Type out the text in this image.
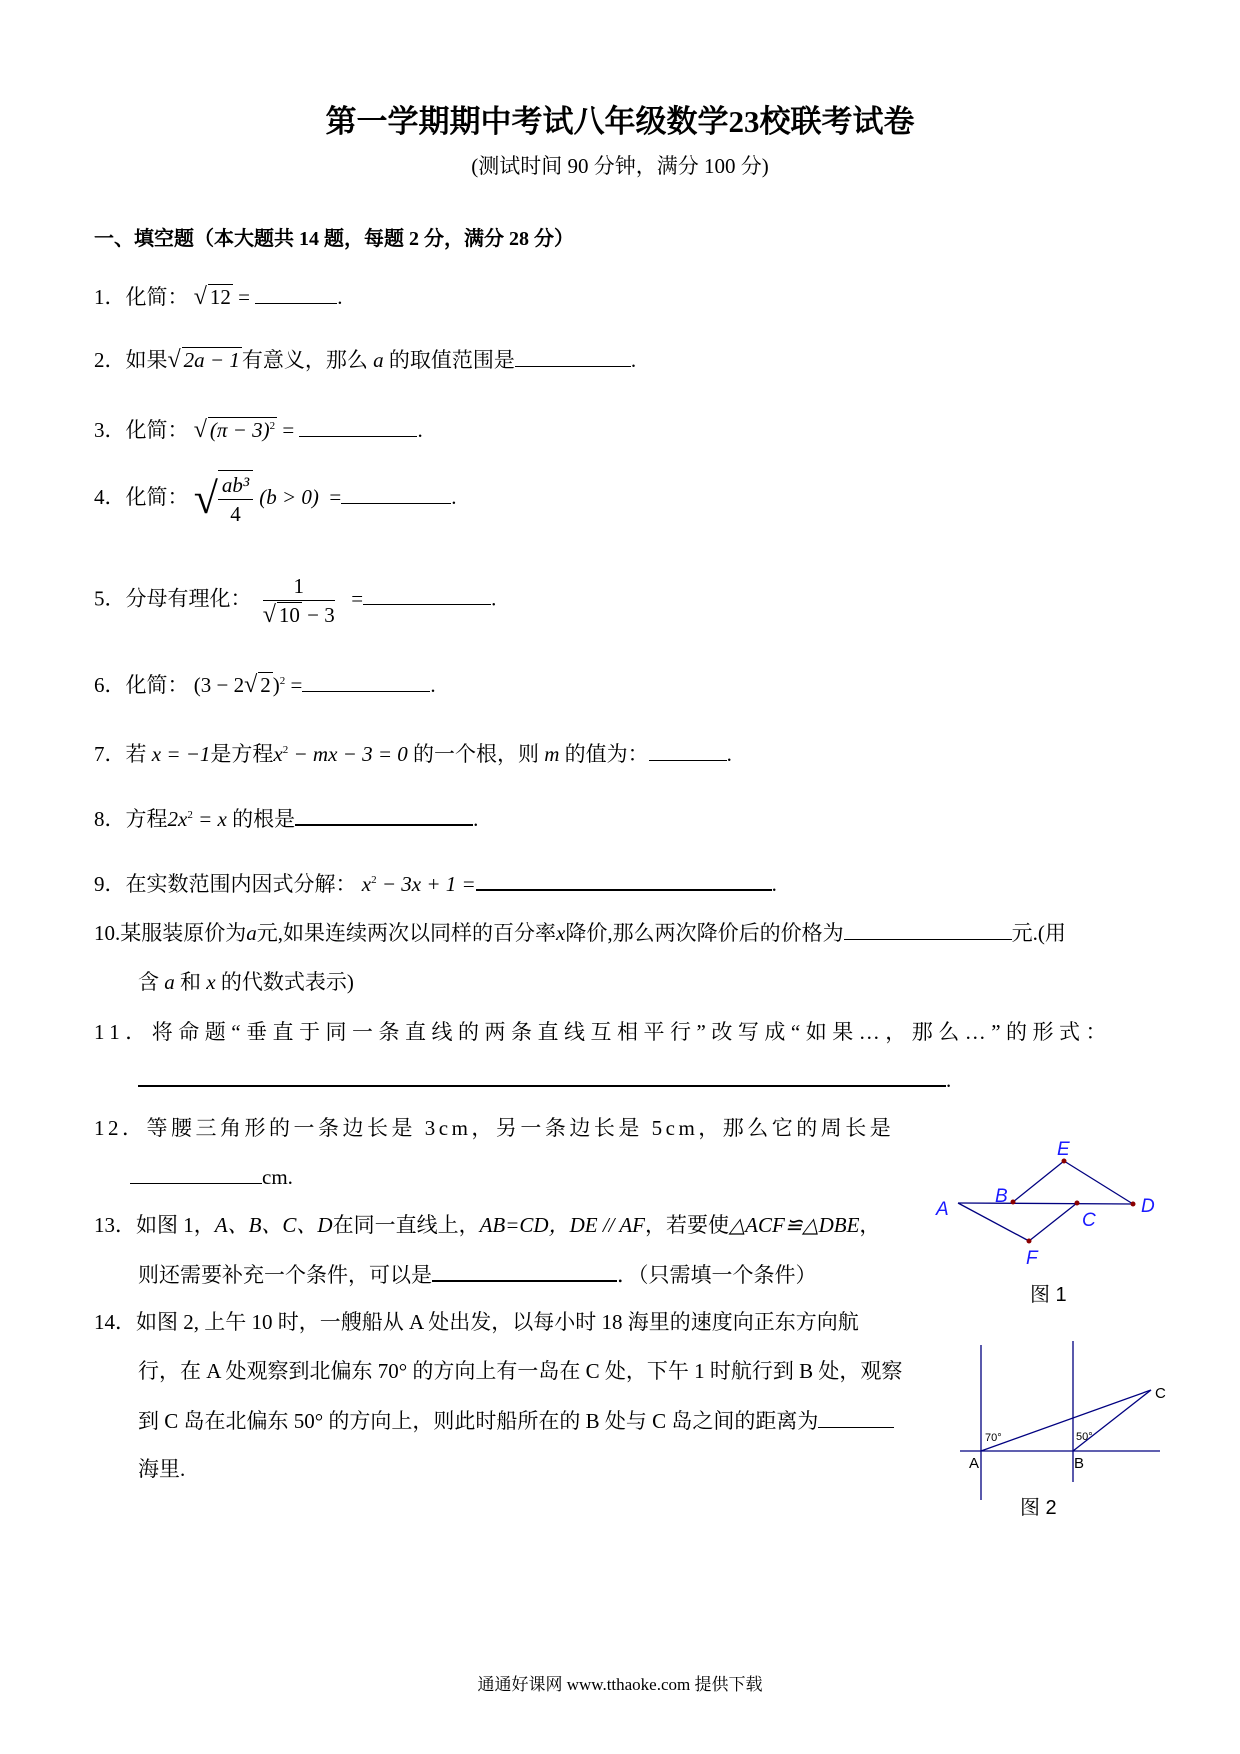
第一学期期中考试八年级数学23校联考试卷
(测试时间 90 分钟，满分 100 分)
一、填空题（本大题共 14 题，每题 2 分，满分 28 分）
1．化简： √ 12 =	.
2．如果√ 2a − 1有意义，那么 a 的取值范围是	.
3．化简： √ $(\pi - 3)^2$ =	.
4．化简： √ $\frac{\text{ab³}}{4} (b > 0)$ =	.
5．分母有理化： $\frac{1}{√ 10 - 3}$ =	.
6．化简： (3 − 2√ 2)$^2$ =	.
7．若 x = −1是方程$x^2$ − mx − 3 = 0 的一个根，则 m 的值为：	.
8．方程$2x^2 = x$ 的根是	.
9．在实数范围内因式分解： $x^2 - 3x + 1$ =	.
10.某服装原价为a元,如果连续两次以同样的百分率x降价,那么两次降价后的价格为	元.(用
含 a 和 x 的代数式表示)
11．将命题“垂直于同一条直线的两条直线互相平行”改写成“如果…，那么…”的形式：
.
12．等腰三角形的一条边长是 3cm，另一条边长是 5cm，那么它的周长是
cm.
13．如图 1，A、B、C、D在同一直线上，AB=CD，DE // AF，若要使△ACF≌△DBE，
则还需要补充一个条件，可以是	．（只需填一个条件）
14．如图 2, 上午 10 时，一艘船从 A 处出发，以每小时 18 海里的速度向正东方向航
行，在 A 处观察到北偏东 70° 的方向上有一岛在 C 处，下午 1 时航行到 B 处，观察
到 C 岛在北偏东 50° 的方向上，则此时船所在的 B 处与 C 岛之间的距离为
海里.
A
B
C
D
E
F
图 1
C
A	B
70°	50°
图 2
通通好课网 www.tthaoke.com 提供下载
